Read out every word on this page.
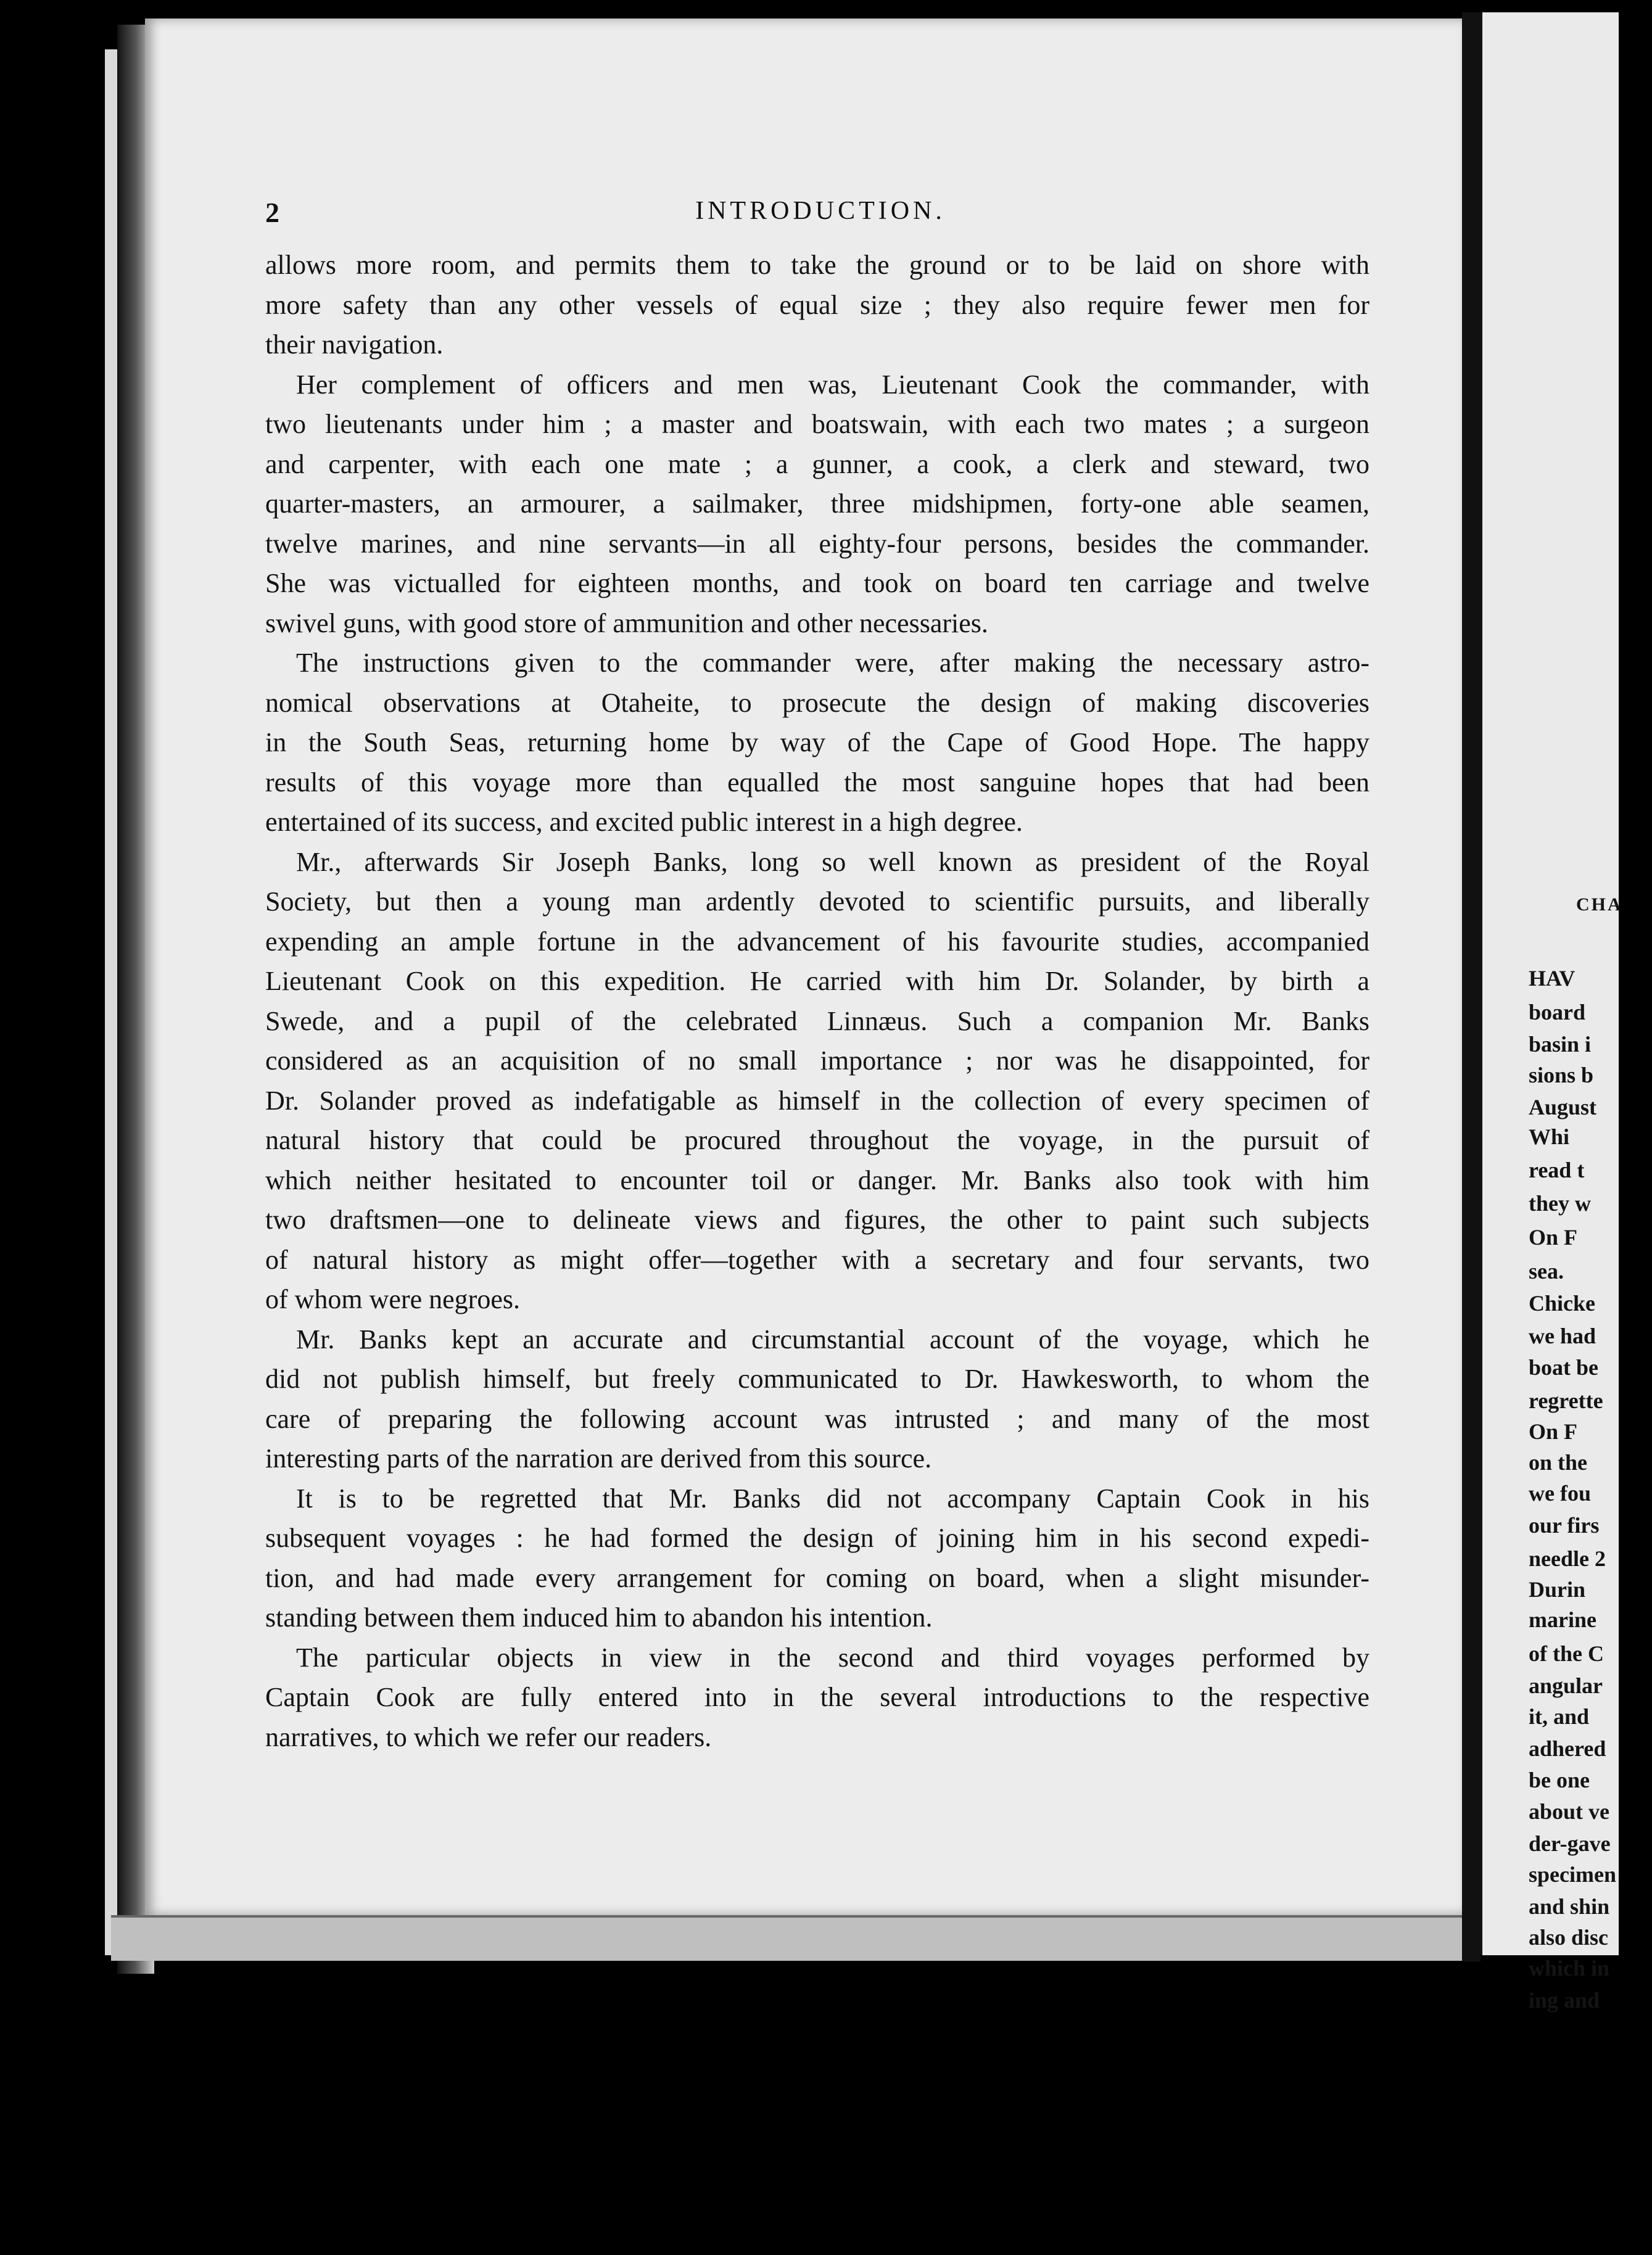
2	INTRODUCTION.
allows more room, and permits them to take the ground or to be laid on shore with
more safety than any other vessels of equal size ; they also require fewer men for
their navigation.
Her complement of officers and men was, Lieutenant Cook the commander, with
two lieutenants under him ; a master and boatswain, with each two mates ; a surgeon
and carpenter, with each one mate ; a gunner, a cook, a clerk and steward, two
quarter-masters, an armourer, a sailmaker, three midshipmen, forty-one able seamen,
twelve marines, and nine servants—in all eighty-four persons, besides the commander.
She was victualled for eighteen months, and took on board ten carriage and twelve
swivel guns, with good store of ammunition and other necessaries.
The instructions given to the commander were, after making the necessary astro-
nomical observations at Otaheite, to prosecute the design of making discoveries
in the South Seas, returning home by way of the Cape of Good Hope. The happy
results of this voyage more than equalled the most sanguine hopes that had been
entertained of its success, and excited public interest in a high degree.
Mr., afterwards Sir Joseph Banks, long so well known as president of the Royal
Society, but then a young man ardently devoted to scientific pursuits, and liberally
expending an ample fortune in the advancement of his favourite studies, accompanied
Lieutenant Cook on this expedition. He carried with him Dr. Solander, by birth a
Swede, and a pupil of the celebrated Linnæus. Such a companion Mr. Banks
considered as an acquisition of no small importance ; nor was he disappointed, for
Dr. Solander proved as indefatigable as himself in the collection of every specimen of
natural history that could be procured throughout the voyage, in the pursuit of
which neither hesitated to encounter toil or danger. Mr. Banks also took with him
two draftsmen—one to delineate views and figures, the other to paint such subjects
of natural history as might offer—together with a secretary and four servants, two
of whom were negroes.
Mr. Banks kept an accurate and circumstantial account of the voyage, which he
did not publish himself, but freely communicated to Dr. Hawkesworth, to whom the
care of preparing the following account was intrusted ; and many of the most
interesting parts of the narration are derived from this source.
It is to be regretted that Mr. Banks did not accompany Captain Cook in his
subsequent voyages : he had formed the design of joining him in his second expedi-
tion, and had made every arrangement for coming on board, when a slight misunder-
standing between them induced him to abandon his intention.
The particular objects in view in the second and third voyages performed by
Captain Cook are fully entered into in the several introductions to the respective
narratives, to which we refer our readers.
CHA
HAV
board
basin i
sions b
August
Whi
read t
they w
On F
sea.
Chicke
we had
boat be
regrette
On F
on the
we fou
our firs
needle 2
Durin
marine
of the C
angular
it, and
adhered
be one
about ve
der-gave
specimen
and shin
also disc
which in
ing and
